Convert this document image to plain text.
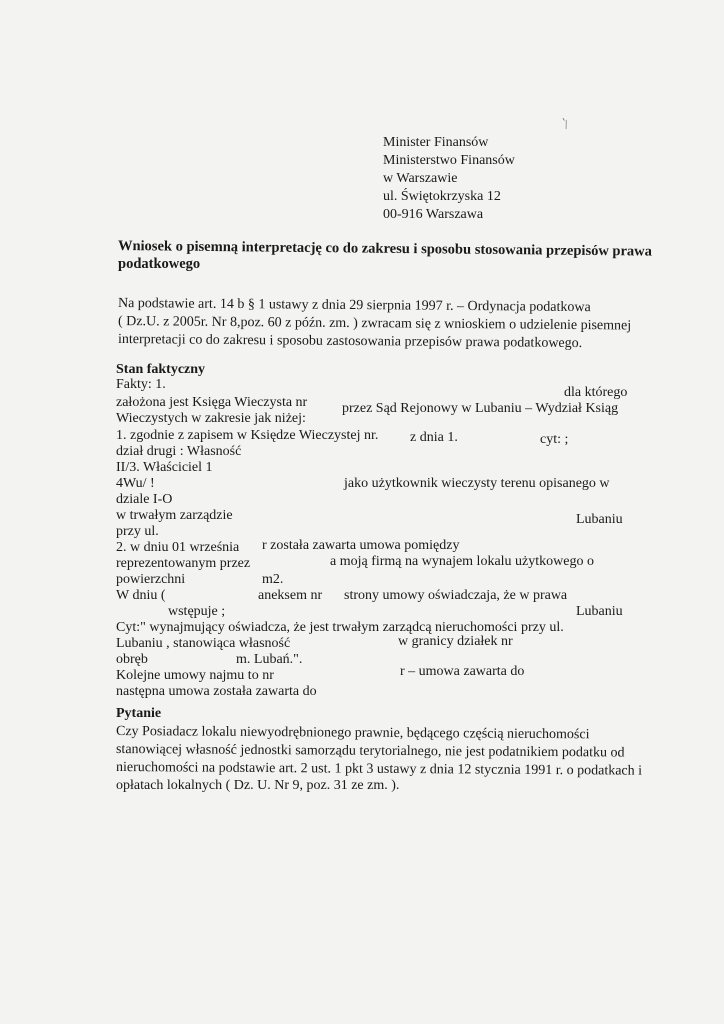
`\

Minister Finansów

Ministerstwo Finansów

w Warszawie

ul. Świętokrzyska 12

00-916 Warszawa

Wniosek o pisemną interpretację co do zakresu i sposobu stosowania przepisów prawa

podatkowego

Na podstawie art. 14 b § 1 ustawy z dnia 29 sierpnia 1997 r. – Ordynacja podatkowa

( Dz.U. z 2005r. Nr 8,poz. 60 z późn. zm. ) zwracam się z wnioskiem o udzielenie pisemnej

interpretacji co do zakresu i sposobu zastosowania przepisów prawa podatkowego.

Stan faktyczny

Fakty: 1.

dla którego

założona jest Księga Wieczysta nr przez Sąd Rejonowy w Lubaniu – Wydział Ksiąg

Wieczystych w zakresie jak niżej:

1. zgodnie z zapisem w Księdze Wieczystej nr. z dnia 1.	cyt: ;

dział drugi : Własność

II/3. Właściciel 1

4Wu/ !	jako użytkownik wieczysty terenu opisanego w

dziale I-O

w trwałym zarządzie

przy ul.

Lubaniu

2. w dniu 01 września r została zawarta umowa pomiędzy

reprezentowanym przez	a moją firmą na wynajem lokalu użytkowego o

powierzchni	m2.

W dniu (	aneksem nr strony umowy oświadczaja, że w prawa

wstępuje ;	Lubaniu

Cyt:" wynajmujący oświadcza, że jest trwałym zarządcą nieruchomości przy ul.

Lubaniu , stanowiąca własność	w granicy działek nr

obręb	m. Lubań.".

Kolejne umowy najmu to nr	r – umowa zawarta do

następna umowa została zawarta do

Pytanie

Czy Posiadacz lokalu niewyodrębnionego prawnie, będącego częścią nieruchomości

stanowiącej własność jednostki samorządu terytorialnego, nie jest podatnikiem podatku od

nieruchomości na podstawie art. 2 ust. 1 pkt 3 ustawy z dnia 12 stycznia 1991 r. o podatkach i

opłatach lokalnych ( Dz. U. Nr 9, poz. 31 ze zm. ).
